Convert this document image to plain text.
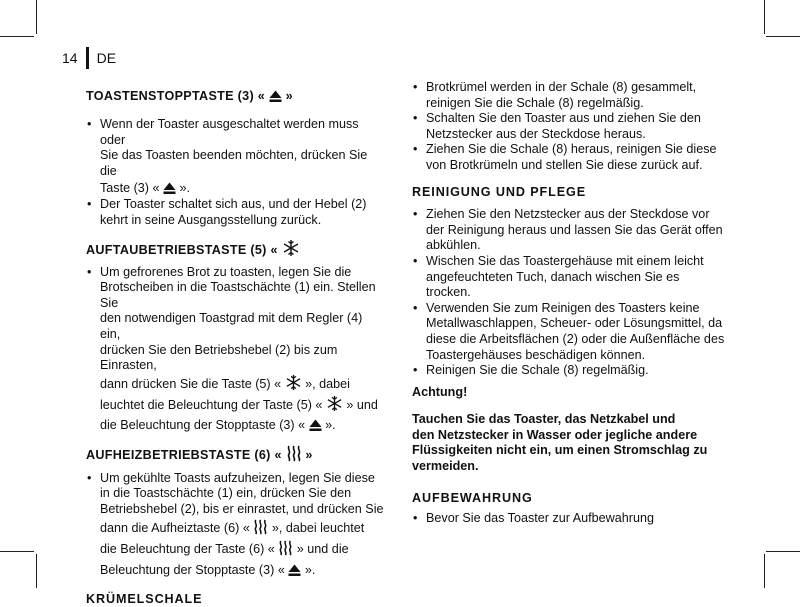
14 DE
TOASTENSTOPPTASTE (3) « »
• Wenn der Toaster ausgeschaltet werden muss oder
Sie das Toasten beenden möchten, drücken Sie die
Taste (3) « ».
• Der Toaster schaltet sich aus, und der Hebel (2)
kehrt in seine Ausgangsstellung zurück.
AUFTAUBETRIEBSTASTE (5) «
• Um gefrorenes Brot zu toasten, legen Sie die
Brotscheiben in die Toastschächte (1) ein. Stellen Sie
den notwendigen Toastgrad mit dem Regler (4) ein,
drücken Sie den Betriebshebel (2) bis zum Einrasten,
dann drücken Sie die Taste (5) « », dabei
leuchtet die Beleuchtung der Taste (5) « » und
die Beleuchtung der Stopptaste (3) « ».
AUFHEIZBETRIEBSTASTE (6) « »
• Um gekühlte Toasts aufzuheizen, legen Sie diese
in die Toastschächte (1) ein, drücken Sie den
Betriebshebel (2), bis er einrastet, und drücken Sie
dann die Aufheiztaste (6) « », dabei leuchtet
die Beleuchtung der Taste (6) « » und die
Beleuchtung der Stopptaste (3) « ».
KRÜMELSCHALE
• Brotkrümel werden in der Schale (8) gesammelt,
reinigen Sie die Schale (8) regelmäßig.
• Schalten Sie den Toaster aus und ziehen Sie den
Netzstecker aus der Steckdose heraus.
• Ziehen Sie die Schale (8) heraus, reinigen Sie diese
von Brotkrümeln und stellen Sie diese zurück auf.
REINIGUNG UND PFLEGE
• Ziehen Sie den Netzstecker aus der Steckdose vor
der Reinigung heraus und lassen Sie das Gerät offen
abkühlen.
• Wischen Sie das Toastergehäuse mit einem leicht
angefeuchteten Tuch, danach wischen Sie es
trocken.
• Verwenden Sie zum Reinigen des Toasters keine
Metallwaschlappen, Scheuer- oder Lösungsmittel, da
diese die Arbeitsflächen (2) oder die Außenfläche des
Toastergehäuses beschädigen können.
• Reinigen Sie die Schale (8) regelmäßig.

Achtung!

Tauchen Sie das Toaster, das Netzkabel und
den Netzstecker in Wasser oder jegliche andere
Flüssigkeiten nicht ein, um einen Stromschlag zu
vermeiden.
AUFBEWAHRUNG
• Bevor Sie das Toaster zur Aufbewahrung
